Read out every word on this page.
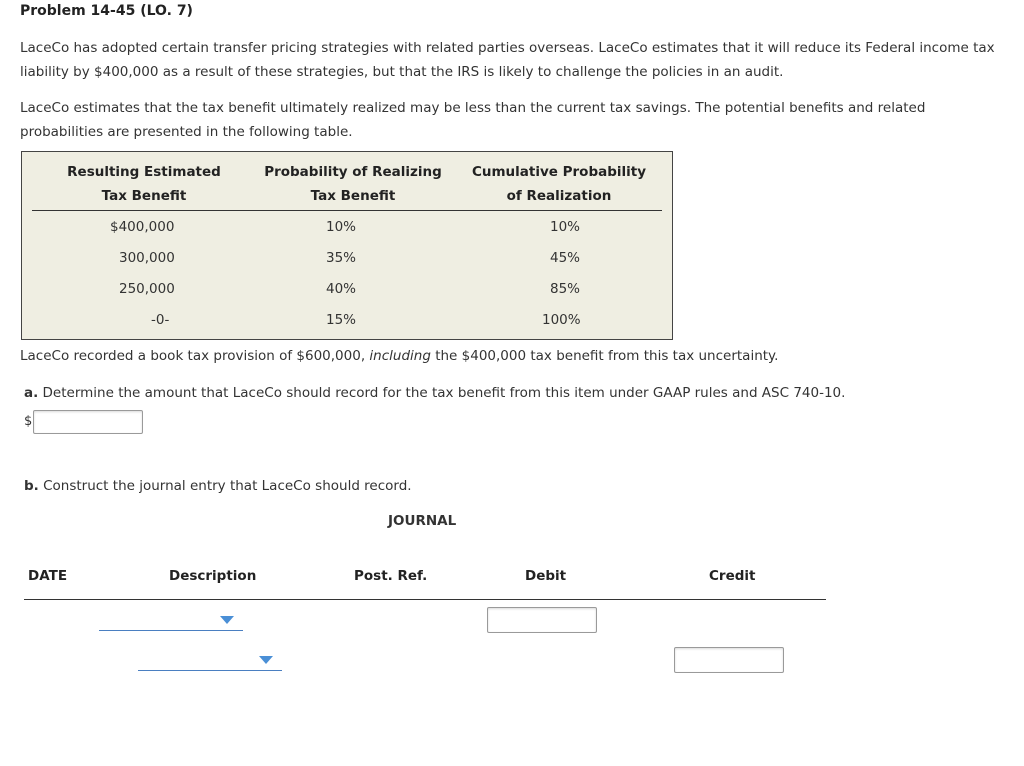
Problem 14-45 (LO. 7)
LaceCo has adopted certain transfer pricing strategies with related parties overseas. LaceCo estimates that it will reduce its Federal income tax liability by $400,000 as a result of these strategies, but that the IRS is likely to challenge the policies in an audit.
LaceCo estimates that the tax benefit ultimately realized may be less than the current tax savings. The potential benefits and related probabilities are presented in the following table.
Resulting Estimated
Tax Benefit
Probability of Realizing
Tax Benefit
Cumulative Probability
of Realization
$400,000	10%	10%
300,000	35%	45%
250,000	40%	85%
-0-	15%	100%
LaceCo recorded a book tax provision of $600,000, including the $400,000 tax benefit from this tax uncertainty.
a. Determine the amount that LaceCo should record for the tax benefit from this item under GAAP rules and ASC 740-10.
$
b. Construct the journal entry that LaceCo should record.
JOURNAL
DATE	Description	Post. Ref.	Debit	Credit
